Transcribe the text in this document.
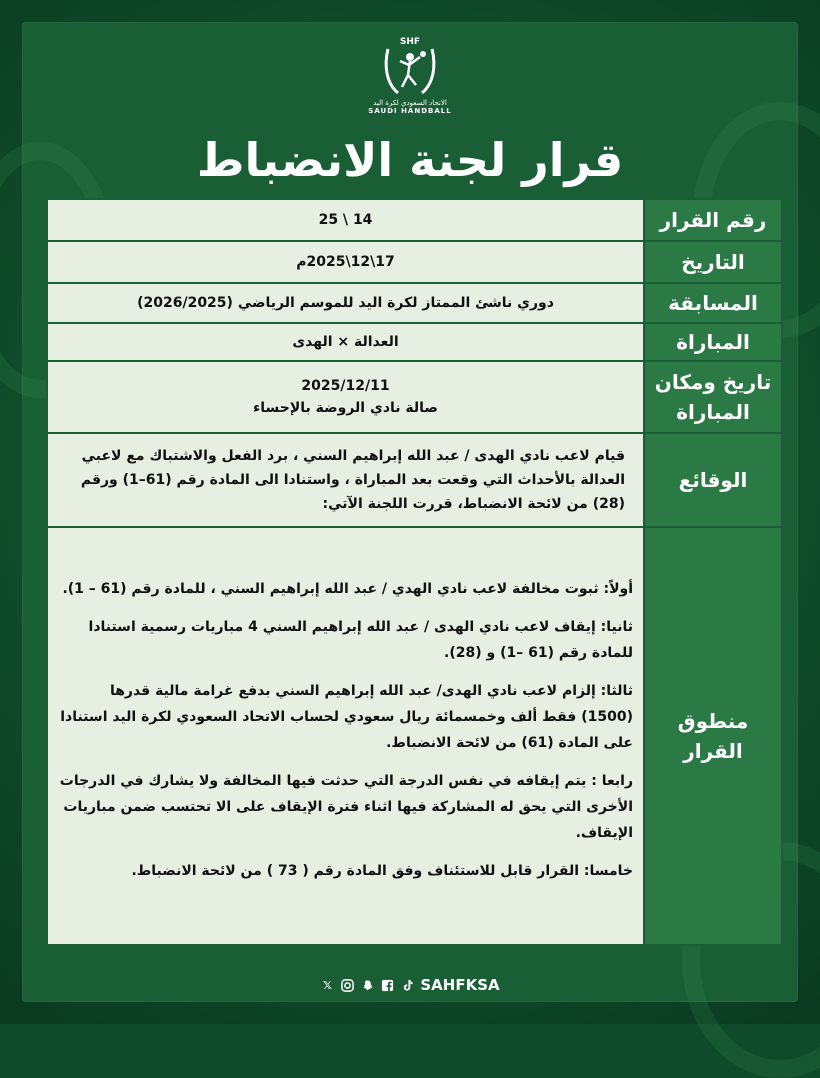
SHF
الاتحاد السعودي لكرة اليد
SAUDI HANDBALL
قرار لجنة الانضباط
رقم القرار	14 \ 25
التاريخ	17\12\2025م
المسابقة	دوري ناشئ الممتاز لكرة اليد للموسم الرياضي (2026/2025)
المباراة	العدالة × الهدى
تاريخ ومكان المباراة	2025/12/11
صالة نادي الروضة بالإحساء

الوقائع	قيام لاعب نادي الهدى / عبد الله إبراهيم السني ، برد الفعل والاشتباك مع لاعبي العدالة بالأحداث التي وقعت بعد المباراة ، واستنادا الى المادة رقم (61–1) ورقم (28) من لائحة الانضباط، قررت اللجنة الآتي:
منطوق القرار	أولاً: ثبوت مخالفة لاعب نادي الهدي / عبد الله إبراهيم السني ، للمادة رقم (61 – 1).

ثانيا: إيقاف لاعب نادي الهدى / عبد الله إبراهيم السني 4 مباريات رسمية استنادا للمادة رقم (61 –1) و (28).

ثالثا: إلزام لاعب نادي الهدى/ عبد الله إبراهيم السني بدفع غرامة مالية قدرها (1500) فقط ألف وخمسمائة ريال سعودي لحساب الاتحاد السعودي لكرة اليد استنادا على المادة (61) من لائحة الانضباط.

رابعا : يتم إيقافه في نفس الدرجة التي حدثت فيها المخالفة ولا يشارك في الدرجات الأخرى التي يحق له المشاركة فيها اثناء فترة الإيقاف على الا تحتسب ضمن مباريات الإيقاف.

خامسا: القرار قابل للاستئناف وفق المادة رقم ( 73 ) من لائحة الانضباط.

𝕏	SAHFKSA
